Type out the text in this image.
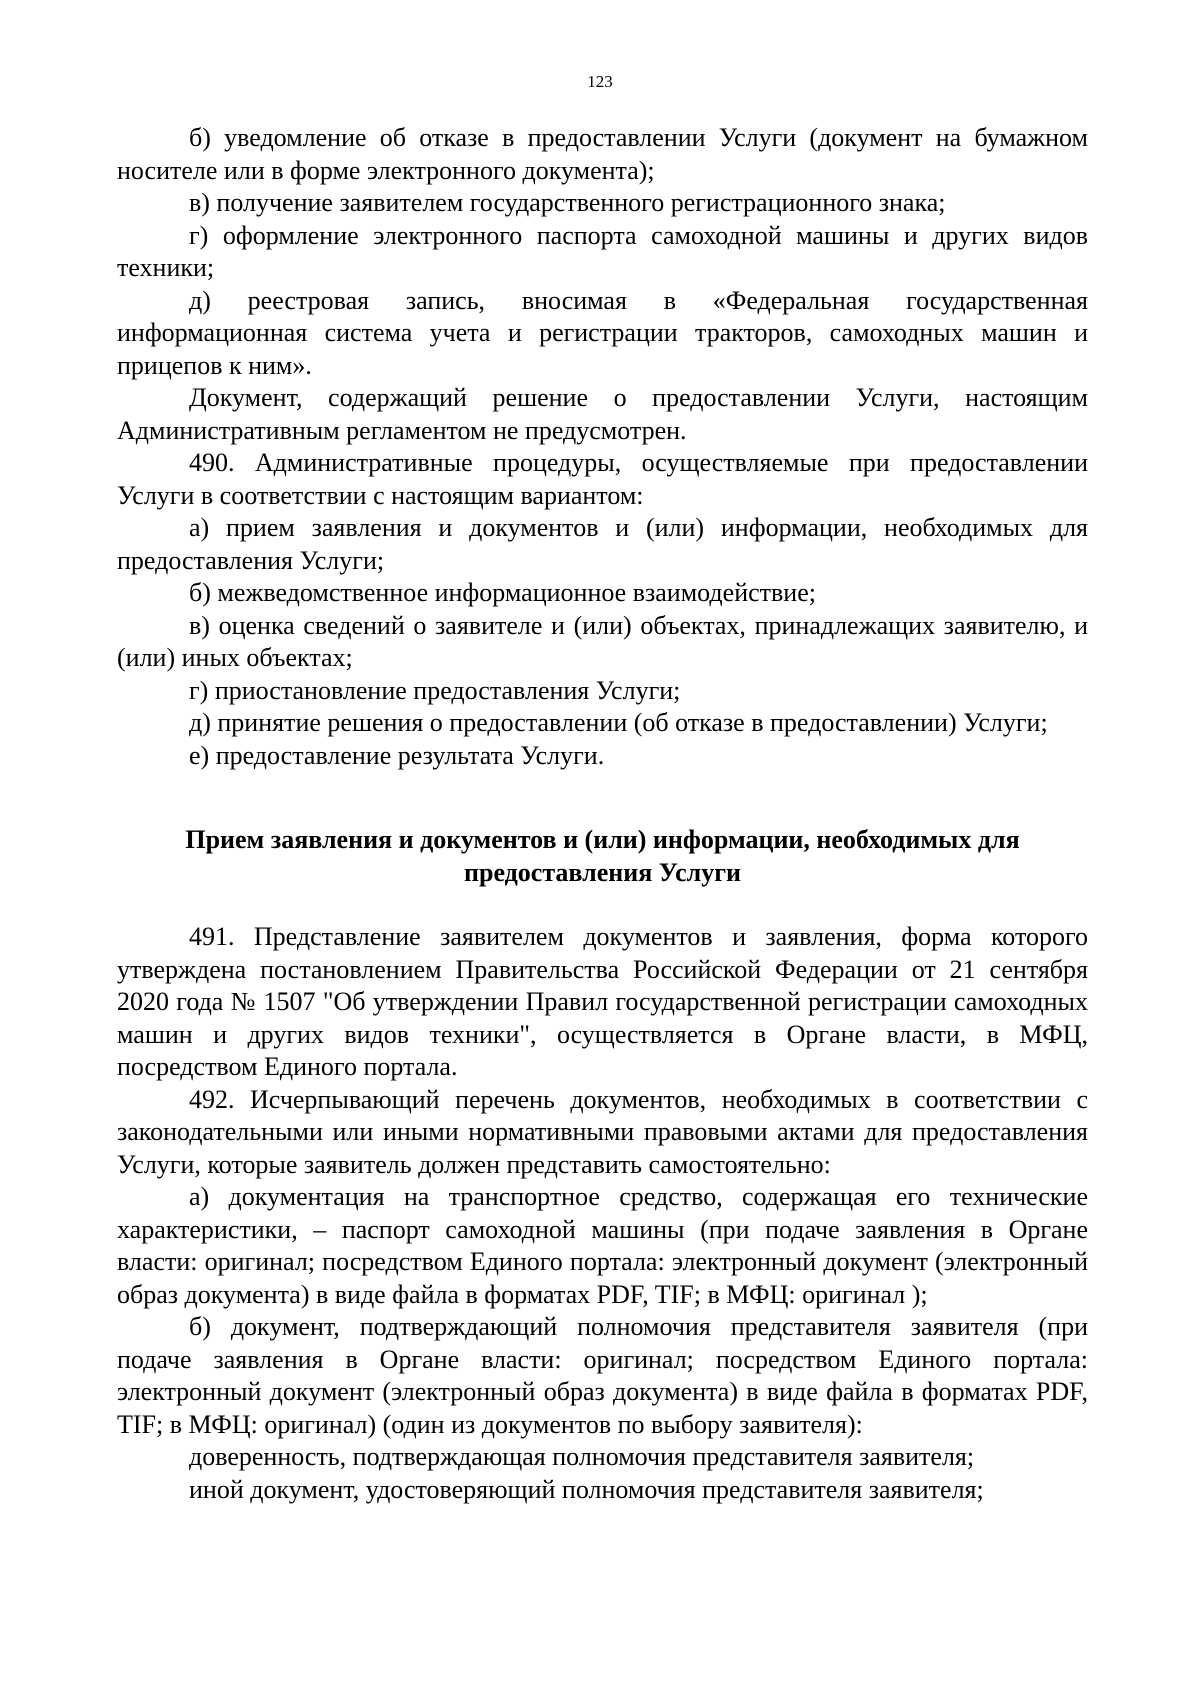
123

б) уведомление об отказе в предоставлении Услуги (документ на бумажном носителе или в форме электронного документа);

в) получение заявителем государственного регистрационного знака;

г) оформление электронного паспорта самоходной машины и других видов техники;

д) реестровая запись, вносимая в «Федеральная государственная информационная система учета и регистрации тракторов, самоходных машин и прицепов к ним».

Документ, содержащий решение о предоставлении Услуги, настоящим Административным регламентом не предусмотрен.

490. Административные процедуры, осуществляемые при предоставлении Услуги в соответствии с настоящим вариантом:

а) прием заявления и документов и (или) информации, необходимых для предоставления Услуги;

б) межведомственное информационное взаимодействие;

в) оценка сведений о заявителе и (или) объектах, принадлежащих заявителю, и (или) иных объектах;

г) приостановление предоставления Услуги;

д) принятие решения о предоставлении (об отказе в предоставлении) Услуги;

е) предоставление результата Услуги.

Прием заявления и документов и (или) информации, необходимых для
предоставления Услуги

491. Представление заявителем документов и заявления, форма которого утверждена постановлением Правительства Российской Федерации от 21 сентября 2020 года № 1507 "Об утверждении Правил государственной регистрации самоходных машин и других видов техники", осуществляется в Органе власти, в МФЦ, посредством Единого портала.

492. Исчерпывающий перечень документов, необходимых в соответствии с законодательными или иными нормативными правовыми актами для предоставления Услуги, которые заявитель должен представить самостоятельно:

а) документация на транспортное средство, содержащая его технические характеристики, – паспорт самоходной машины (при подаче заявления в Органе власти: оригинал; посредством Единого портала: электронный документ (электронный образ документа) в виде файла в форматах PDF, TIF; в МФЦ: оригинал );

б) документ, подтверждающий полномочия представителя заявителя (при подаче заявления в Органе власти: оригинал; посредством Единого портала: электронный документ (электронный образ документа) в виде файла в форматах PDF, TIF; в МФЦ: оригинал) (один из документов по выбору заявителя):

доверенность, подтверждающая полномочия представителя заявителя;

иной документ, удостоверяющий полномочия представителя заявителя;
